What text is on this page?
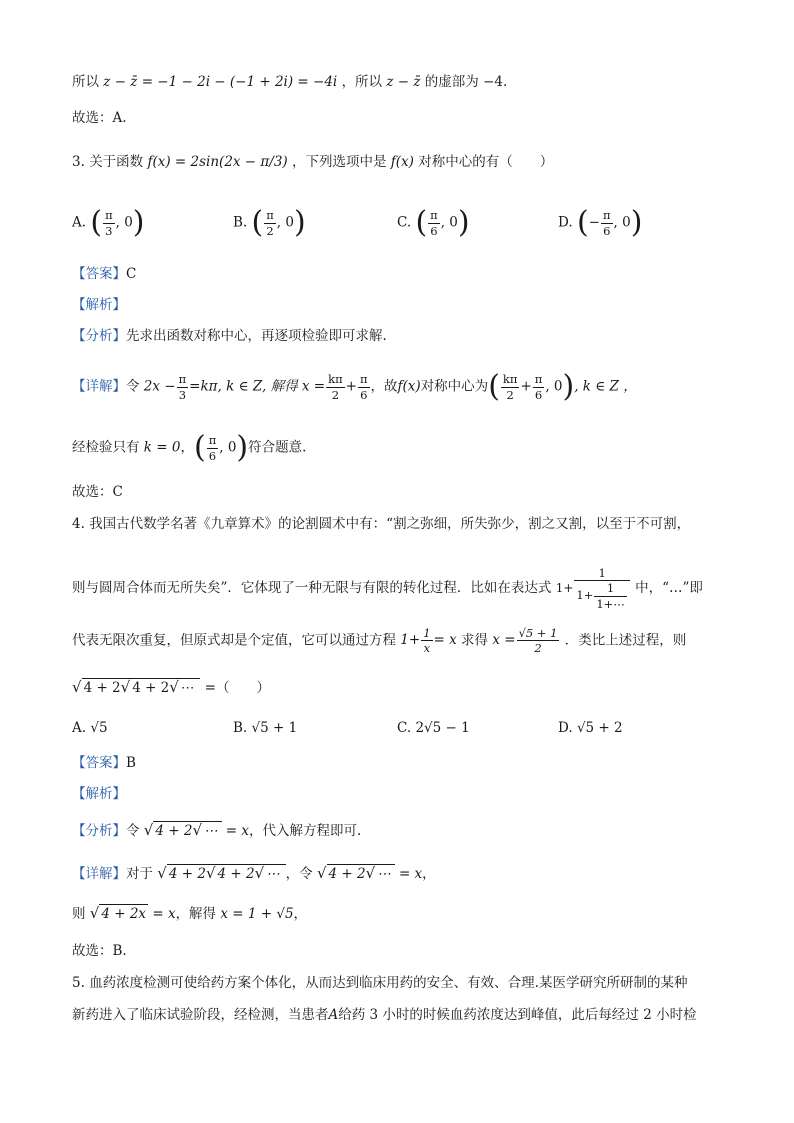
所以 z − z̄ = −1 − 2i − (−1 + 2i) = −4i ，所以 z − z̄ 的虚部为 −4.
故选：A.
3. 关于函数 f(x) = 2sin(2x − π/3) ，下列选项中是 f(x) 对称中心的有（　　）
A. ( $\frac{\pi}{3}$ , 0)	B. ( $\frac{\pi}{2}$ , 0)	C. ( $\frac{\pi}{6}$ , 0)	D. (− $\frac{\pi}{6}$ , 0)
【答案】C
【解析】
【分析】先求出函数对称中心，再逐项检验即可求解.
【详解】令 $2x - \frac{\pi}{3} =k\pi$, k ∈ Z, 解得 $x = \frac{k\pi}{2} + \frac{\pi}{6}$ ，故f(x)对称中心为( $\frac{k\pi}{2} + \frac{\pi}{6}$ , 0), k ∈ Z ，
经检验只有 k = 0，( $\frac{\pi}{6}$ , 0)符合题意.
故选：C
4. 我国古代数学名著《九章算术》的论割圆术中有：“割之弥细，所失弥少，割之又割，以至于不可割，
则与圆周合体而无所失矣”．它体现了一种无限与有限的转化过程．比如在表达式 $1+ \frac{1}{1+ \frac{1}{1+\cdots}}$ 中，“…”即
代表无限次重复，但原式却是个定值，它可以通过方程 $1+ \frac{1}{x} = x$ 求得 $x = \frac{√5 + 1}{2}$ ．类比上述过程，则
√ 4 + 2√ 4 + 2√ ⋯ =（　　）
A. √5	B. √5 + 1	C. 2√5 − 1	D. √5 + 2
【答案】B
【解析】
【分析】令 √ 4 + 2√ ⋯ = x，代入解方程即可.
【详解】对于 √ 4 + 2√ 4 + 2√ ⋯ ，令 √ 4 + 2√ ⋯ = x，
则 √ 4 + 2x = x，解得 x = 1 + √5，
故选：B.
5. 血药浓度检测可使给药方案个体化，从而达到临床用药的安全、有效、合理.某医学研究所研制的某种
新药进入了临床试验阶段，经检测，当患者A给药 3 小时的时候血药浓度达到峰值，此后每经过 2 小时检
